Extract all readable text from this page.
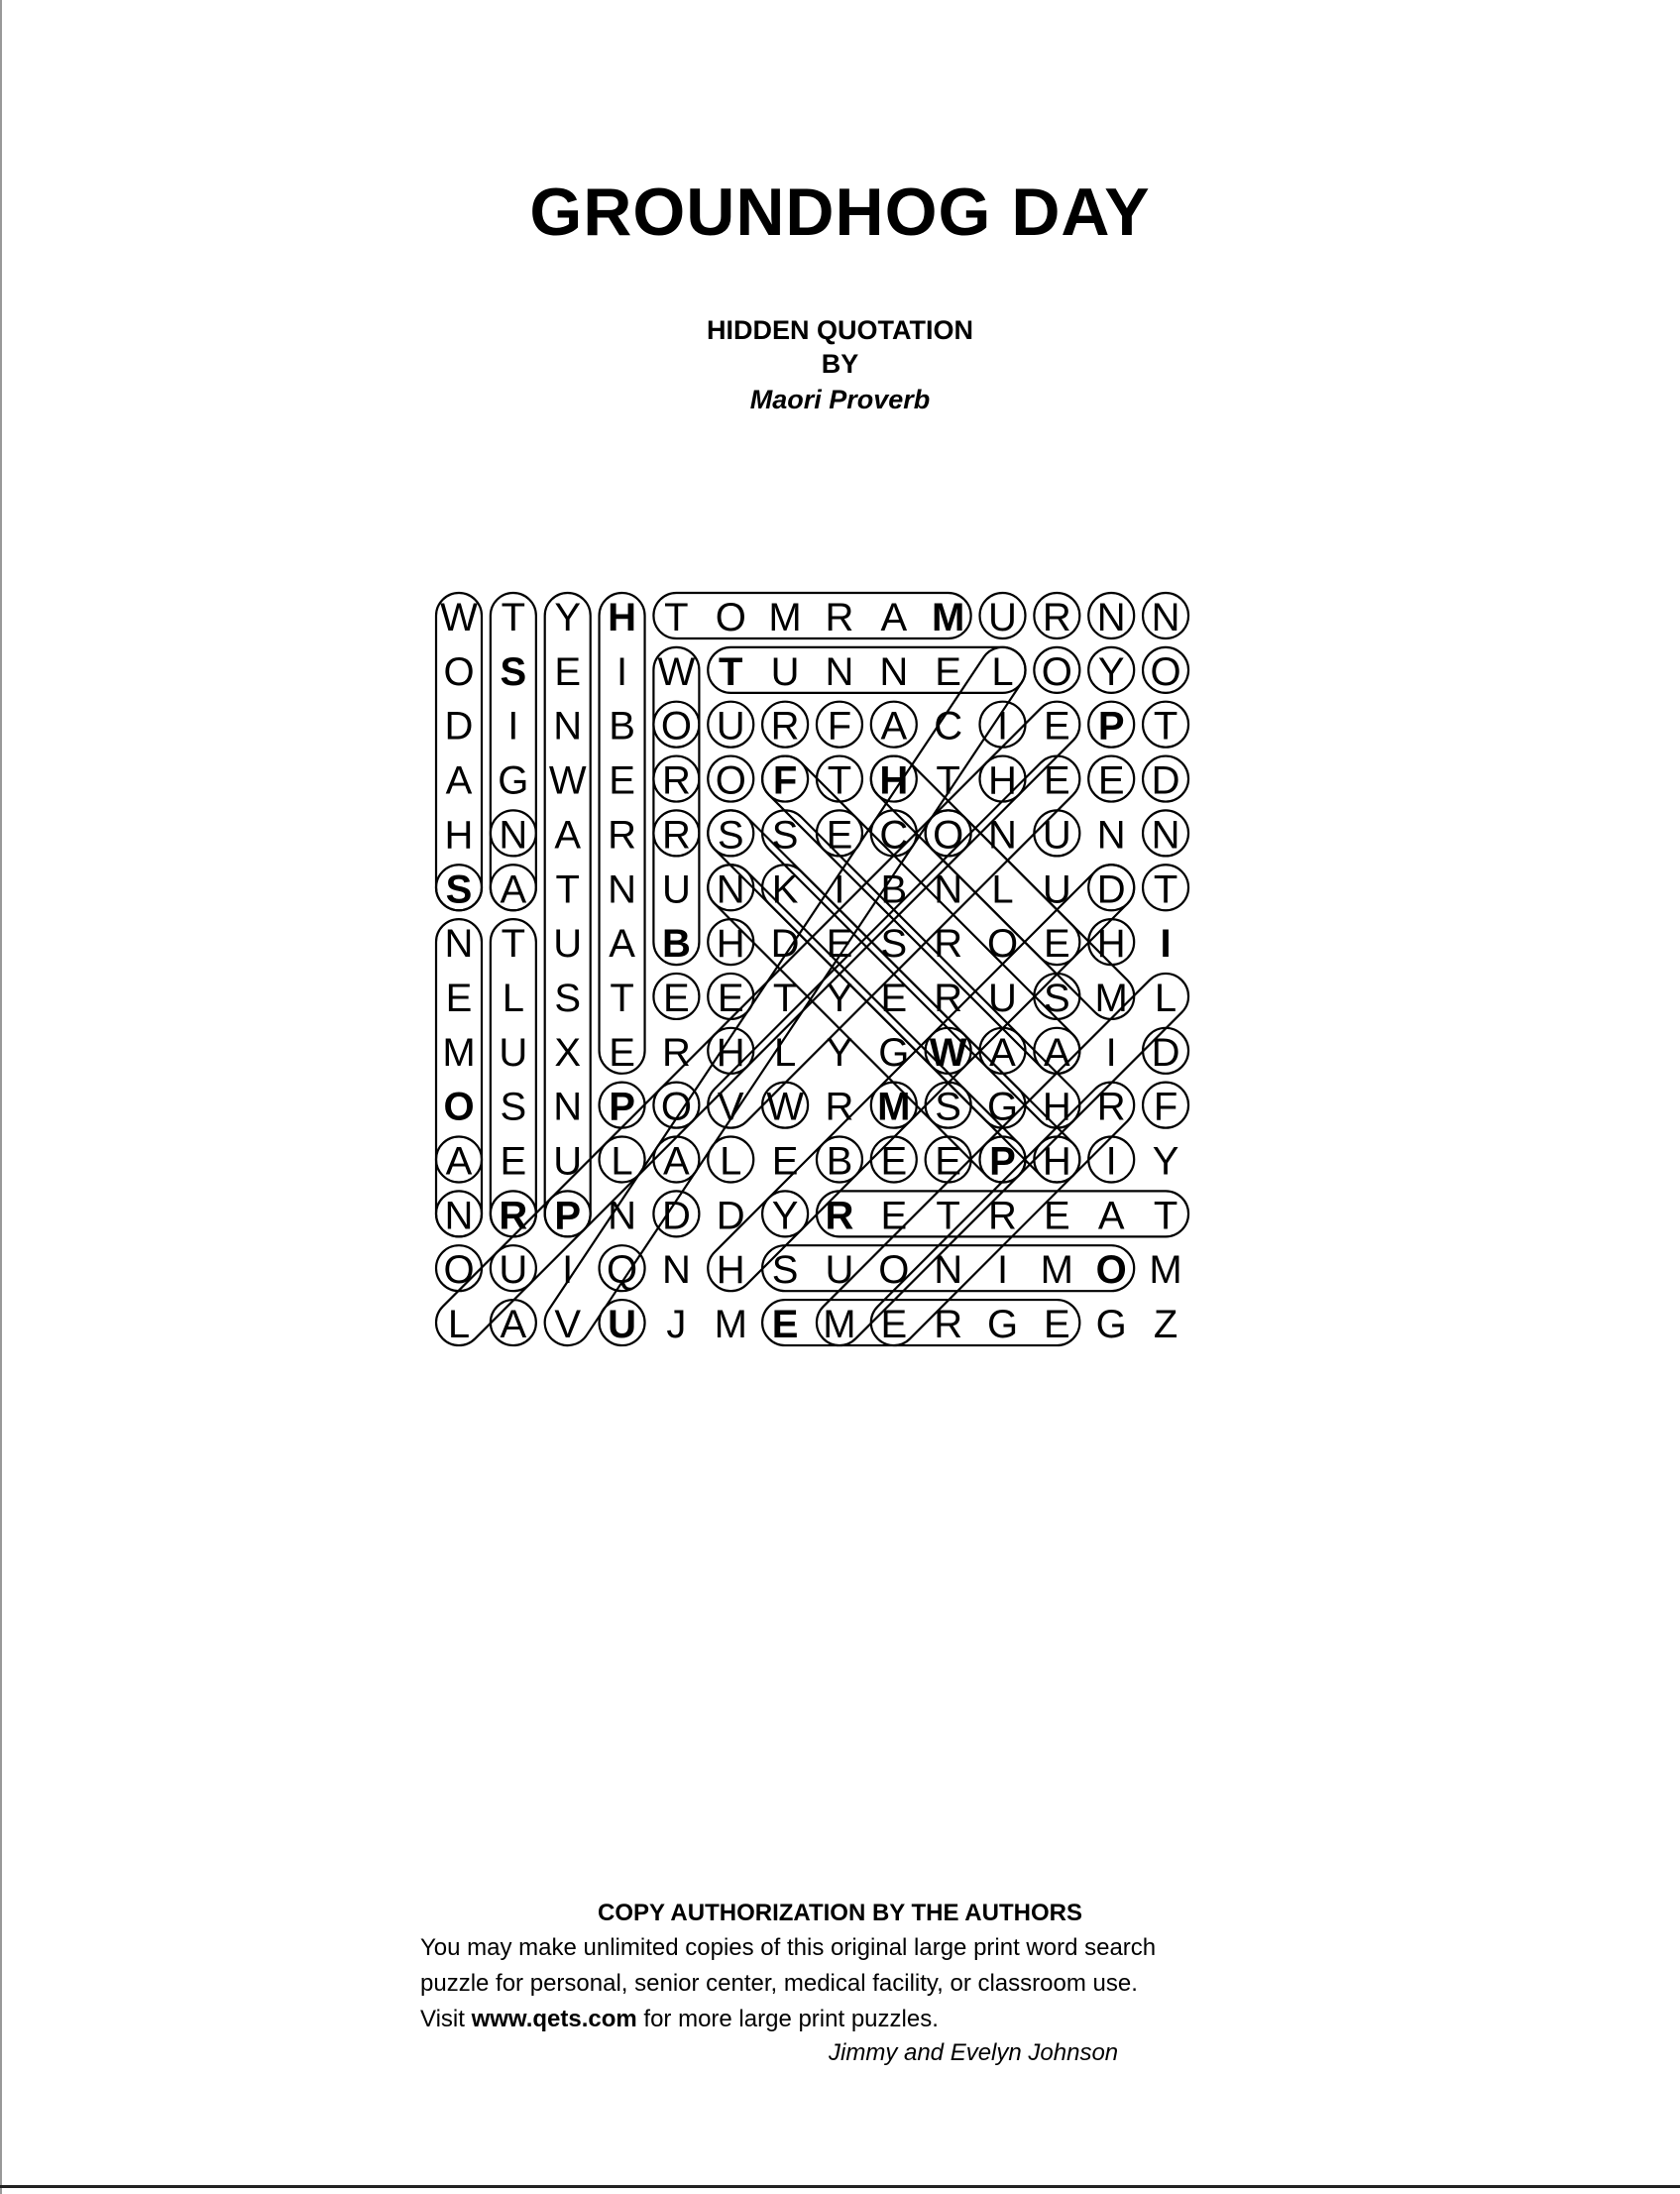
GROUNDHOG DAY
HIDDEN QUOTATION
BY
Maori Proverb
W T Y H T O M R A M U R N N
O S E I W T U N N E L O Y O
D I N B O U R F A C I E P T
A G W E R O F T H T H E E D
H N A R R S S E C O N U N N
S A T N U N K I B N L U D T
N T U A B H D E S R O E H I
E L S T E E T Y E R U S M L
M U X E R H L Y G W A A I D
O S N P O V W R M S G H R F
A E U L A L E B E E P H I Y
N R P N D D Y R E T R E A T
O U I Q N H S U O N I M O M
L A V U J M E M E R G E G Z
COPY AUTHORIZATION BY THE AUTHORS
You may make unlimited copies of this original large print word search
puzzle for personal, senior center, medical facility, or classroom use.
Visit www.qets.com for more large print puzzles.
Jimmy and Evelyn Johnson
